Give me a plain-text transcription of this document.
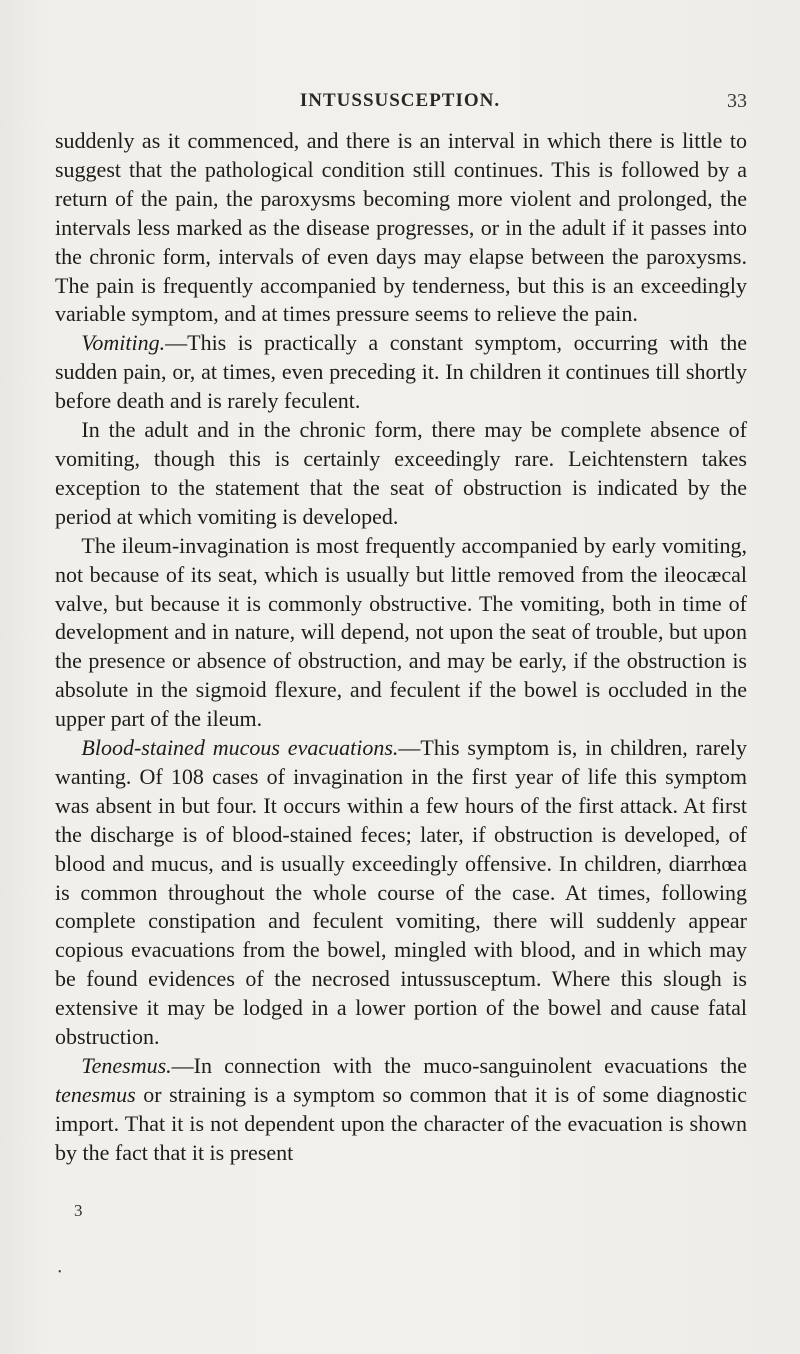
INTUSSUSCEPTION.	33

suddenly as it commenced, and there is an interval in which there is little to suggest that the pathological condition still continues. This is followed by a return of the pain, the paroxysms becoming more violent and prolonged, the intervals less marked as the disease progresses, or in the adult if it passes into the chronic form, intervals of even days may elapse between the paroxysms. The pain is frequently accompanied by tenderness, but this is an exceedingly variable symptom, and at times pressure seems to relieve the pain.

Vomiting.—This is practically a constant symptom, occurring with the sudden pain, or, at times, even preceding it. In children it continues till shortly before death and is rarely feculent.

In the adult and in the chronic form, there may be complete absence of vomiting, though this is certainly exceedingly rare. Leichtenstern takes exception to the statement that the seat of obstruction is indicated by the period at which vomiting is developed.

The ileum-invagination is most frequently accompanied by early vomiting, not because of its seat, which is usually but little removed from the ileocæcal valve, but because it is commonly obstructive. The vomiting, both in time of development and in nature, will depend, not upon the seat of trouble, but upon the presence or absence of obstruction, and may be early, if the obstruction is absolute in the sigmoid flexure, and feculent if the bowel is occluded in the upper part of the ileum.

Blood-stained mucous evacuations.—This symptom is, in children, rarely wanting. Of 108 cases of invagination in the first year of life this symptom was absent in but four. It occurs within a few hours of the first attack. At first the discharge is of blood-stained feces; later, if obstruction is developed, of blood and mucus, and is usually exceedingly offensive. In children, diarrhœa is common throughout the whole course of the case. At times, following complete constipation and feculent vomiting, there will suddenly appear copious evacuations from the bowel, mingled with blood, and in which may be found evidences of the necrosed intussusceptum. Where this slough is extensive it may be lodged in a lower portion of the bowel and cause fatal obstruction.

Tenesmus.—In connection with the muco-sanguinolent evacuations the tenesmus or straining is a symptom so common that it is of some diagnostic import. That it is not dependent upon the character of the evacuation is shown by the fact that it is present

3
•
